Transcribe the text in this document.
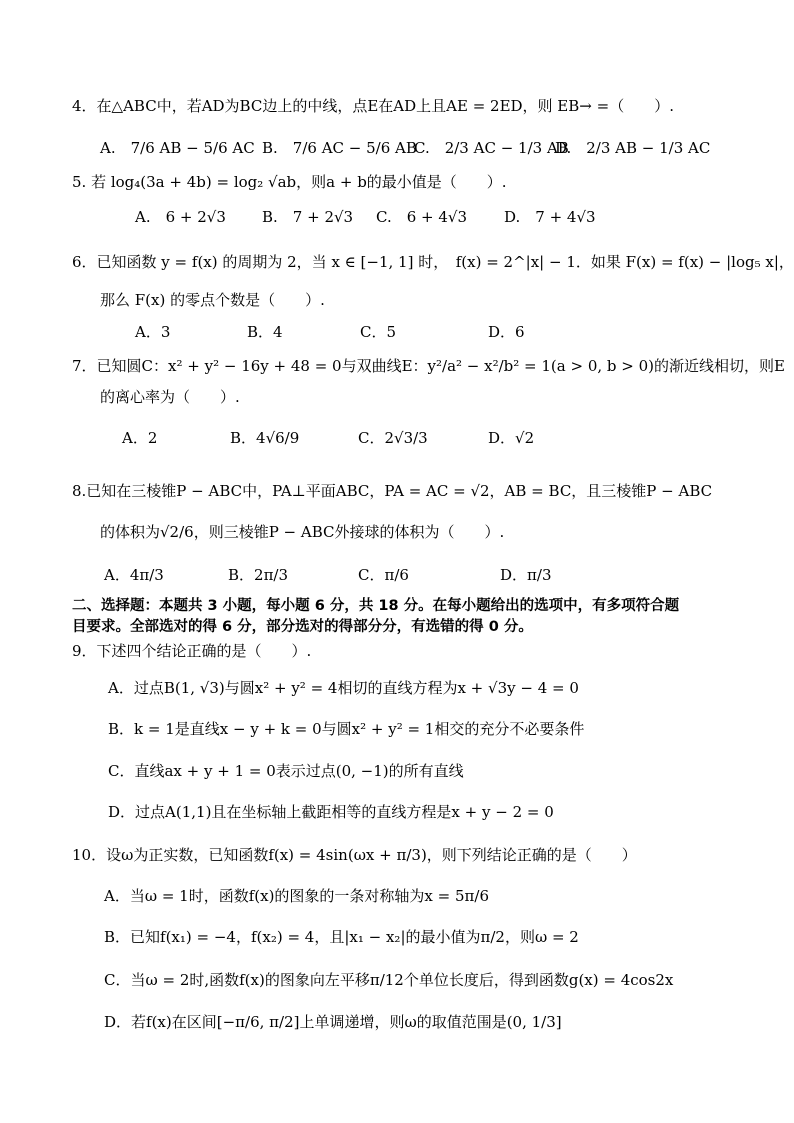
4．在△ABC中，若AD为BC边上的中线，点E在AD上且AE = 2ED，则 EB→ =（　　）.
A.　7/6 AB − 5/6 AC B.　7/6 AC − 5/6 AB
C.　2/3 AC − 1/3 AB
D.　2/3 AB − 1/3 AC
5. 若 log₄(3a + 4b) = log₂ √ab，则a + b的最小值是（　　）.
A.　6 + 2√3 B.　7 + 2√3 C.　6 + 4√3 D.　7 + 4√3
6．已知函数 y = f(x) 的周期为 2，当 x ∈ [−1, 1] 时，　f(x) = 2^|x| − 1．如果 F(x) = f(x) − |log₅ x|，
那么 F(x) 的零点个数是（　　）.
A．3	B．4	C．5	D．6
7．已知圆C：x² + y² − 16y + 48 = 0与双曲线E：y²/a² − x²/b² = 1(a > 0, b > 0)的渐近线相切，则E
的离心率为（　　）.
A．2	B．4√6/9	C．2√3/3	D．√2
8.已知在三棱锥P − ABC中，PA⊥平面ABC，PA = AC = √2，AB = BC，且三棱锥P − ABC
的体积为√2/6，则三棱锥P − ABC外接球的体积为（　　）.
A．4π/3	B．2π/3	C．π/6	D．π/3
二、选择题：本题共 3 小题，每小题 6 分，共 18 分。在每小题给出的选项中，有多项符合题
目要求。全部选对的得 6 分，部分选对的得部分分，有选错的得 0 分。
9．下述四个结论正确的是（　　）.
A．过点B(1, √3)与圆x² + y² = 4相切的直线方程为x + √3y − 4 = 0
B．k = 1是直线x − y + k = 0与圆x² + y² = 1相交的充分不必要条件
C．直线ax + y + 1 = 0表示过点(0, −1)的所有直线
D．过点A(1,1)且在坐标轴上截距相等的直线方程是x + y − 2 = 0
10．设ω为正实数，已知函数f(x) = 4sin(ωx + π/3)，则下列结论正确的是（　　）
A．当ω = 1时，函数f(x)的图象的一条对称轴为x = 5π/6
B．已知f(x₁) = −4，f(x₂) = 4，且|x₁ − x₂|的最小值为π/2，则ω = 2
C．当ω = 2时,函数f(x)的图象向左平移π/12个单位长度后，得到函数g(x) = 4cos2x
D．若f(x)在区间[−π/6, π/2]上单调递增，则ω的取值范围是(0, 1/3]
